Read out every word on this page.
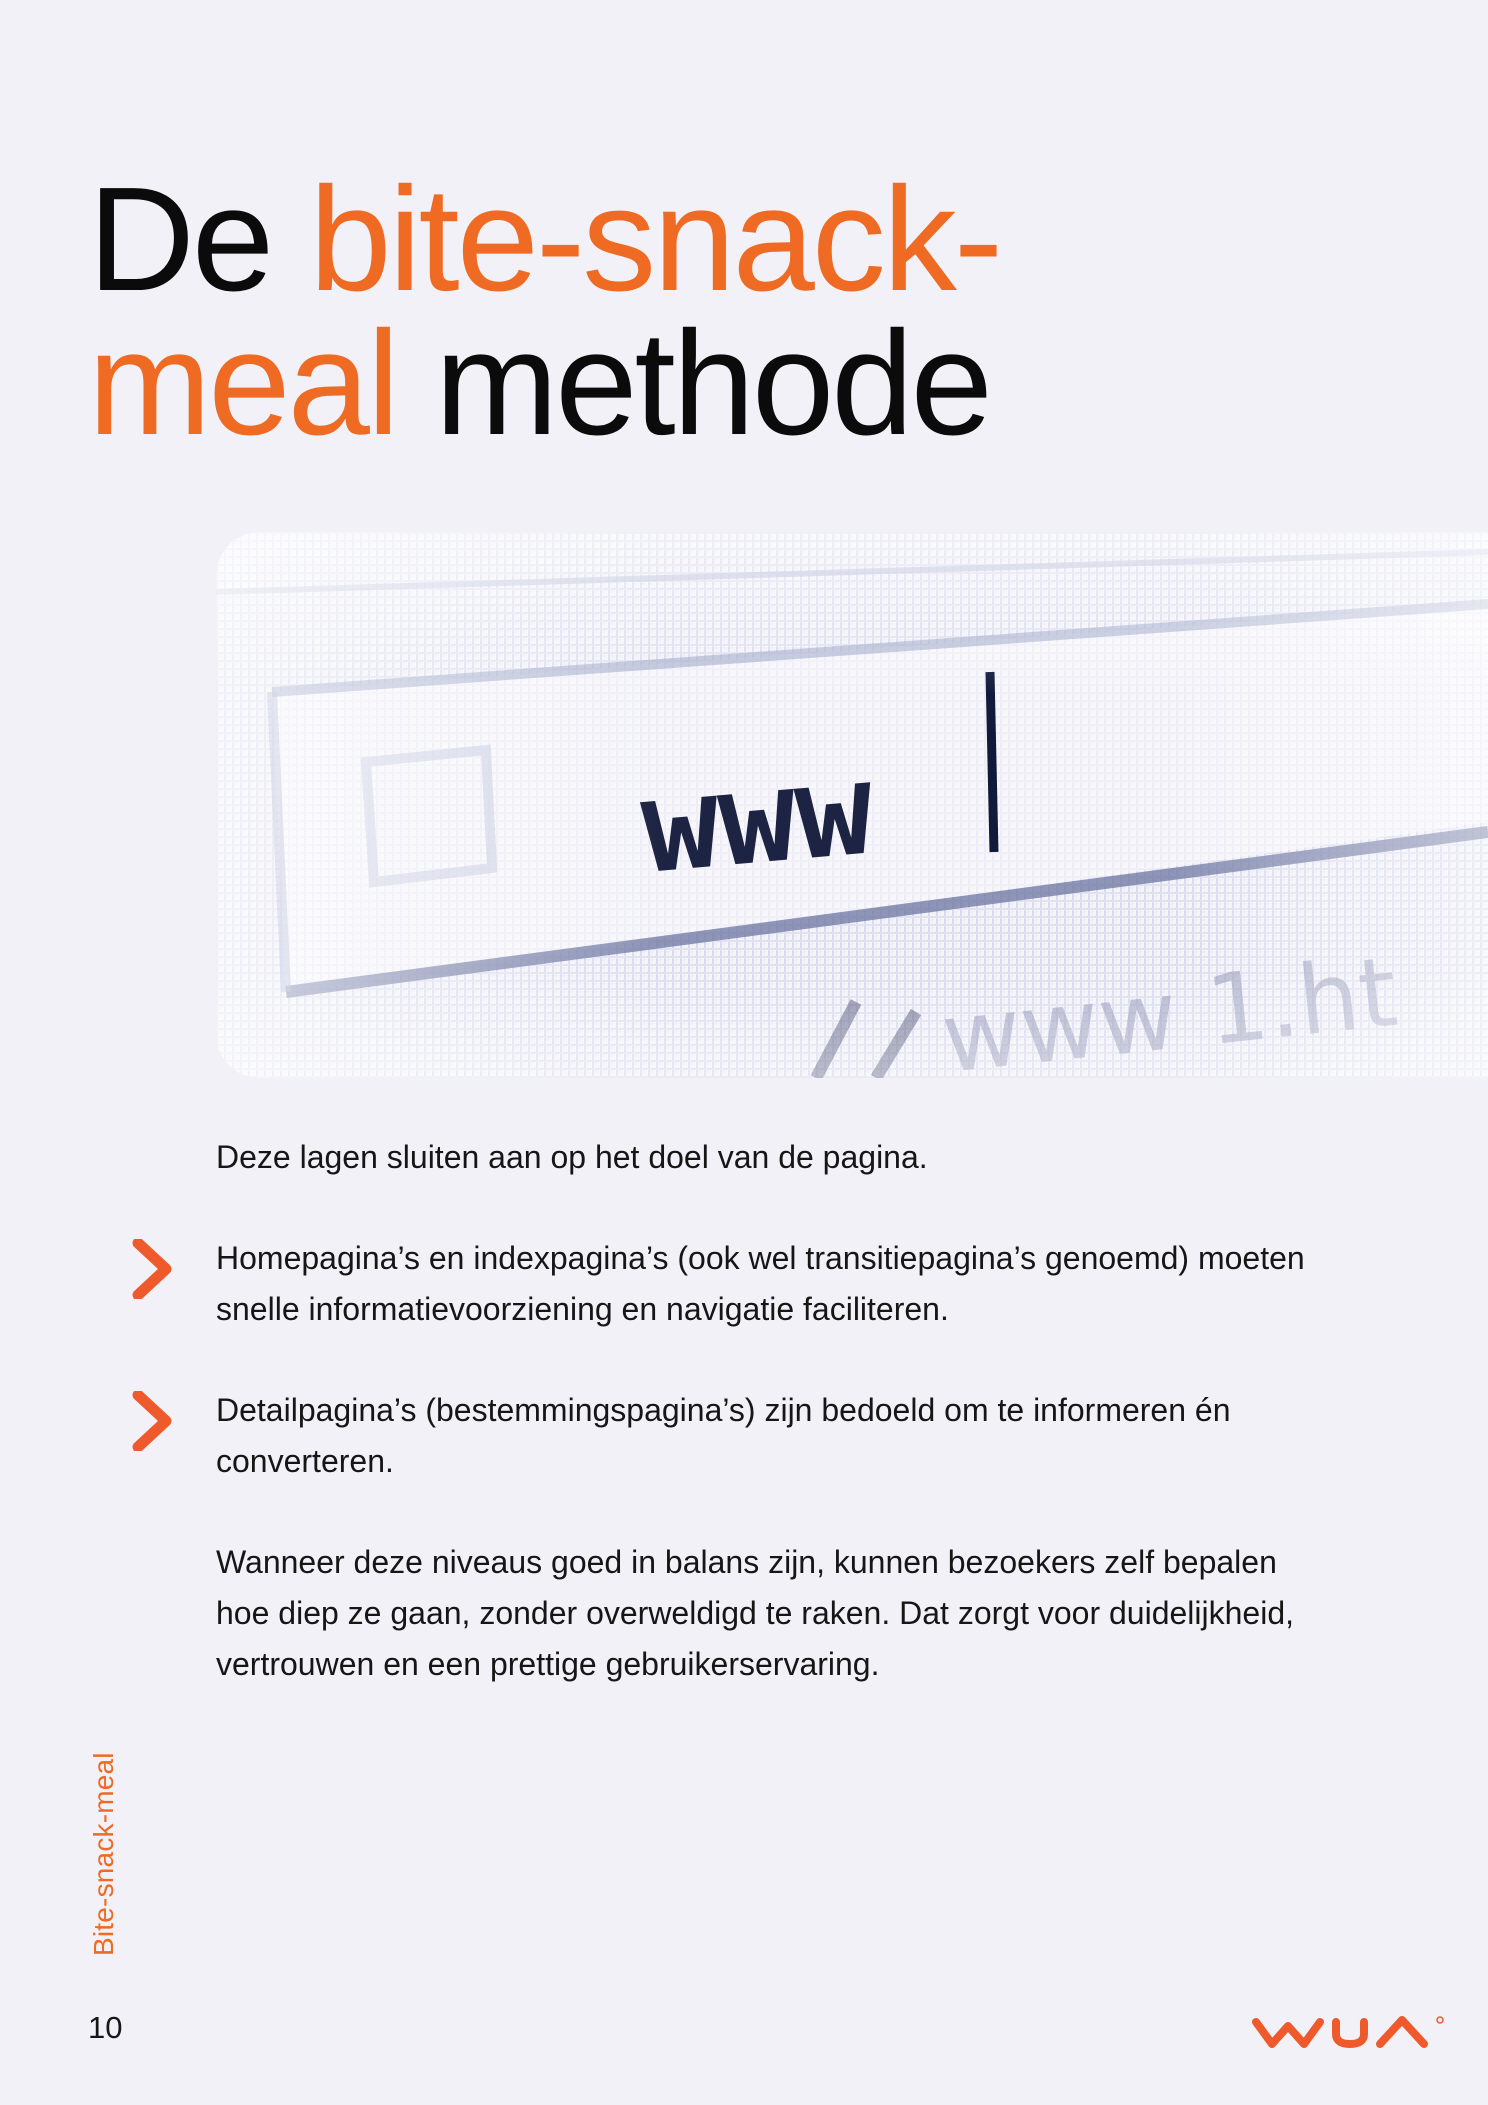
De bite-snack-
meal methode

Deze lagen sluiten aan op het doel van de pagina.

Homepagina’s en indexpagina’s (ook wel transitiepagina’s genoemd) moeten snelle informatievoorziening en navigatie faciliteren.

Detailpagina’s (bestemmingspagina’s) zijn bedoeld om te informeren én converteren.

Wanneer deze niveaus goed in balans zijn, kunnen bezoekers zelf bepalen hoe diep ze gaan, zonder overweldigd te raken. Dat zorgt voor duidelijkheid, vertrouwen en een prettige gebruikerservaring.

Bite-snack-meal
10
